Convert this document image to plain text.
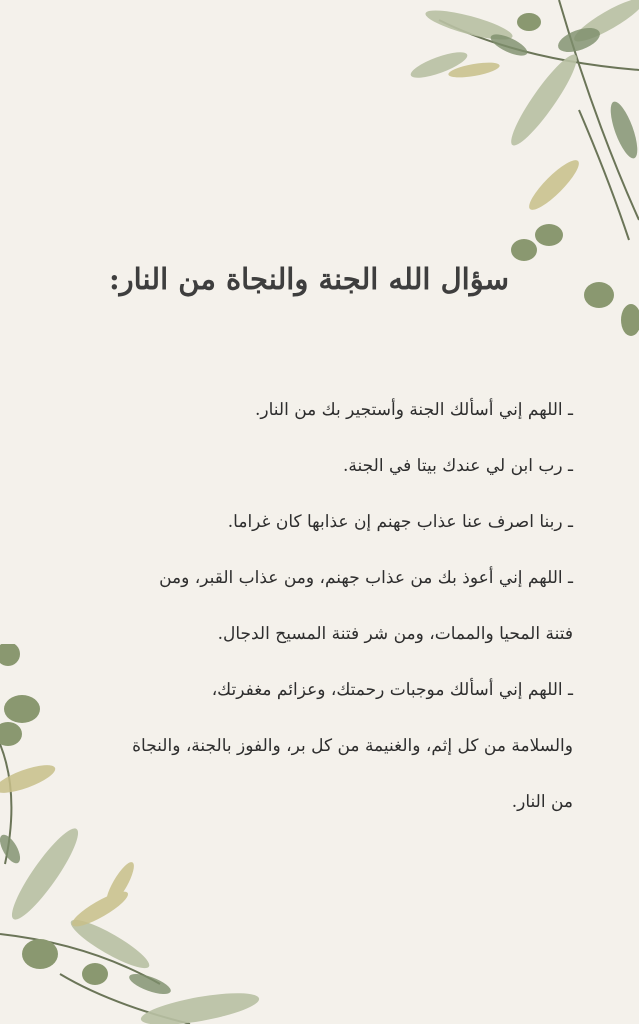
سؤال الله الجنة والنجاة من النار:

ـ اللهم إني أسألك الجنة وأستجير بك من النار.

ـ رب ابن لي عندك بيتا في الجنة.

ـ ربنا اصرف عنا عذاب جهنم إن عذابها كان غراما.

ـ اللهم إني أعوذ بك من عذاب جهنم، ومن عذاب القبر، ومن

فتنة المحيا والممات، ومن شر فتنة المسيح الدجال.

ـ اللهم إني أسألك موجبات رحمتك، وعزائم مغفرتك،

والسلامة من كل إثم، والغنيمة من كل بر، والفوز بالجنة، والنجاة

من النار.
